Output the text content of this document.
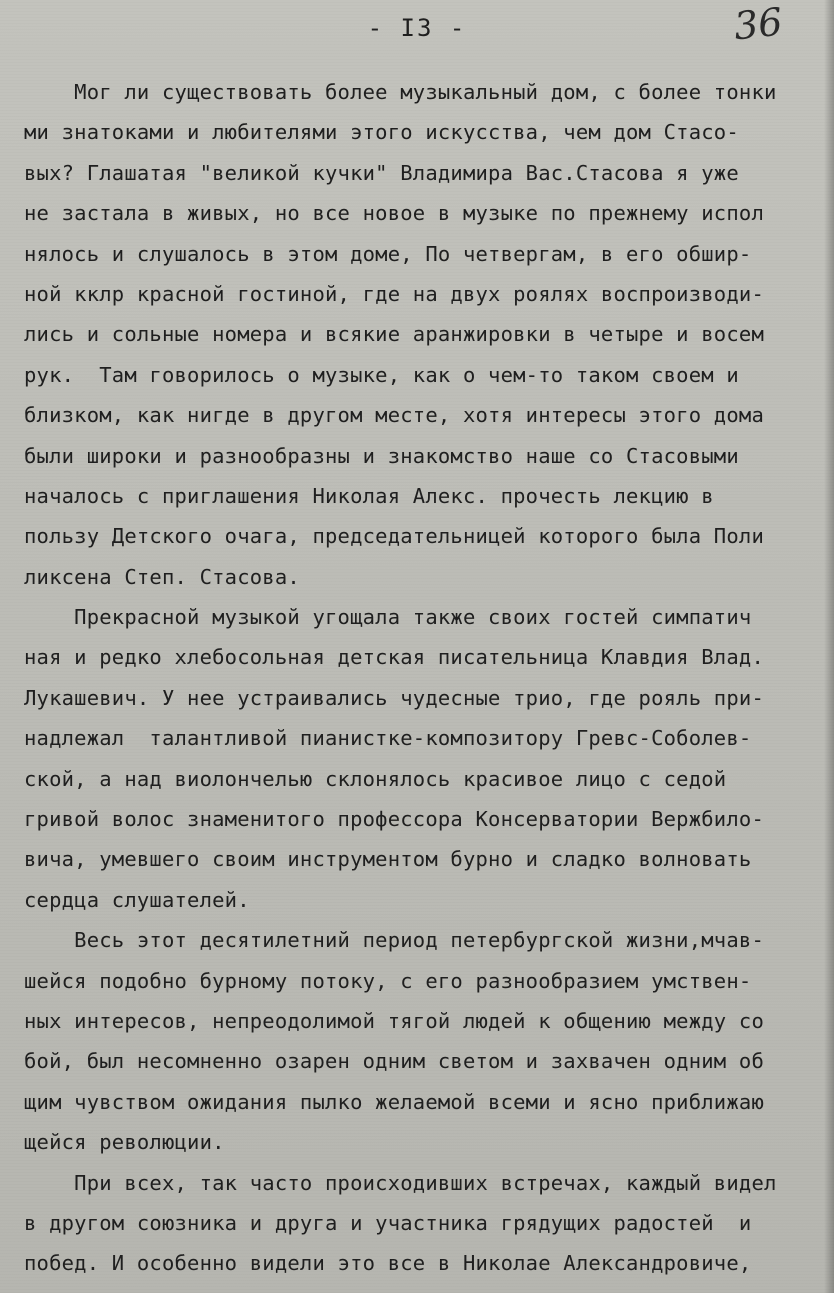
- I3 -	36
Мог ли существовать более музыкальный дом, с более тонки
ми знатоками и любителями этого искусства, чем дом Стасо-
вых? Глашатая "великой кучки" Владимира Вас.Стасова я уже
не застала в живых, но все новое в музыке по прежнему испол
нялось и слушалось в этом доме, По четвергам, в его обшир-
ной кклр красной гостиной, где на двух роялях воспроизводи-
лись и сольные номера и всякие аранжировки в четыре и восем
рук.  Там говорилось о музыке, как о чем-то таком своем и
близком, как нигде в другом месте, хотя интересы этого дома
были широки и разнообразны и знакомство наше со Стасовыми
началось с приглашения Николая Алекс. прочесть лекцию в
пользу Детского очага, председательницей которого была Поли
ликсена Степ. Стасова.
Прекрасной музыкой угощала также своих гостей симпатич
ная и редко хлебосольная детская писательница Клавдия Влад.
Лукашевич. У нее устраивались чудесные трио, где рояль при-
надлежал  талантливой пианистке-композитору Гревс-Соболев-
ской, а над виолончелью склонялось красивое лицо с седой
гривой волос знаменитого профессора Консерватории Вержбило-
вича, умевшего своим инструментом бурно и сладко волновать
сердца слушателей.
Весь этот десятилетний период петербургской жизни,мчав-
шейся подобно бурному потоку, с его разнообразием умствен-
ных интересов, непреодолимой тягой людей к общению между со
бой, был несомненно озарен одним светом и захвачен одним об
щим чувством ожидания пылко желаемой всеми и ясно приближаю
щейся революции.
При всех, так часто происходивших встречах, каждый видел
в другом союзника и друга и участника грядущих радостей  и
побед. И особенно видели это все в Николае Александровиче,
